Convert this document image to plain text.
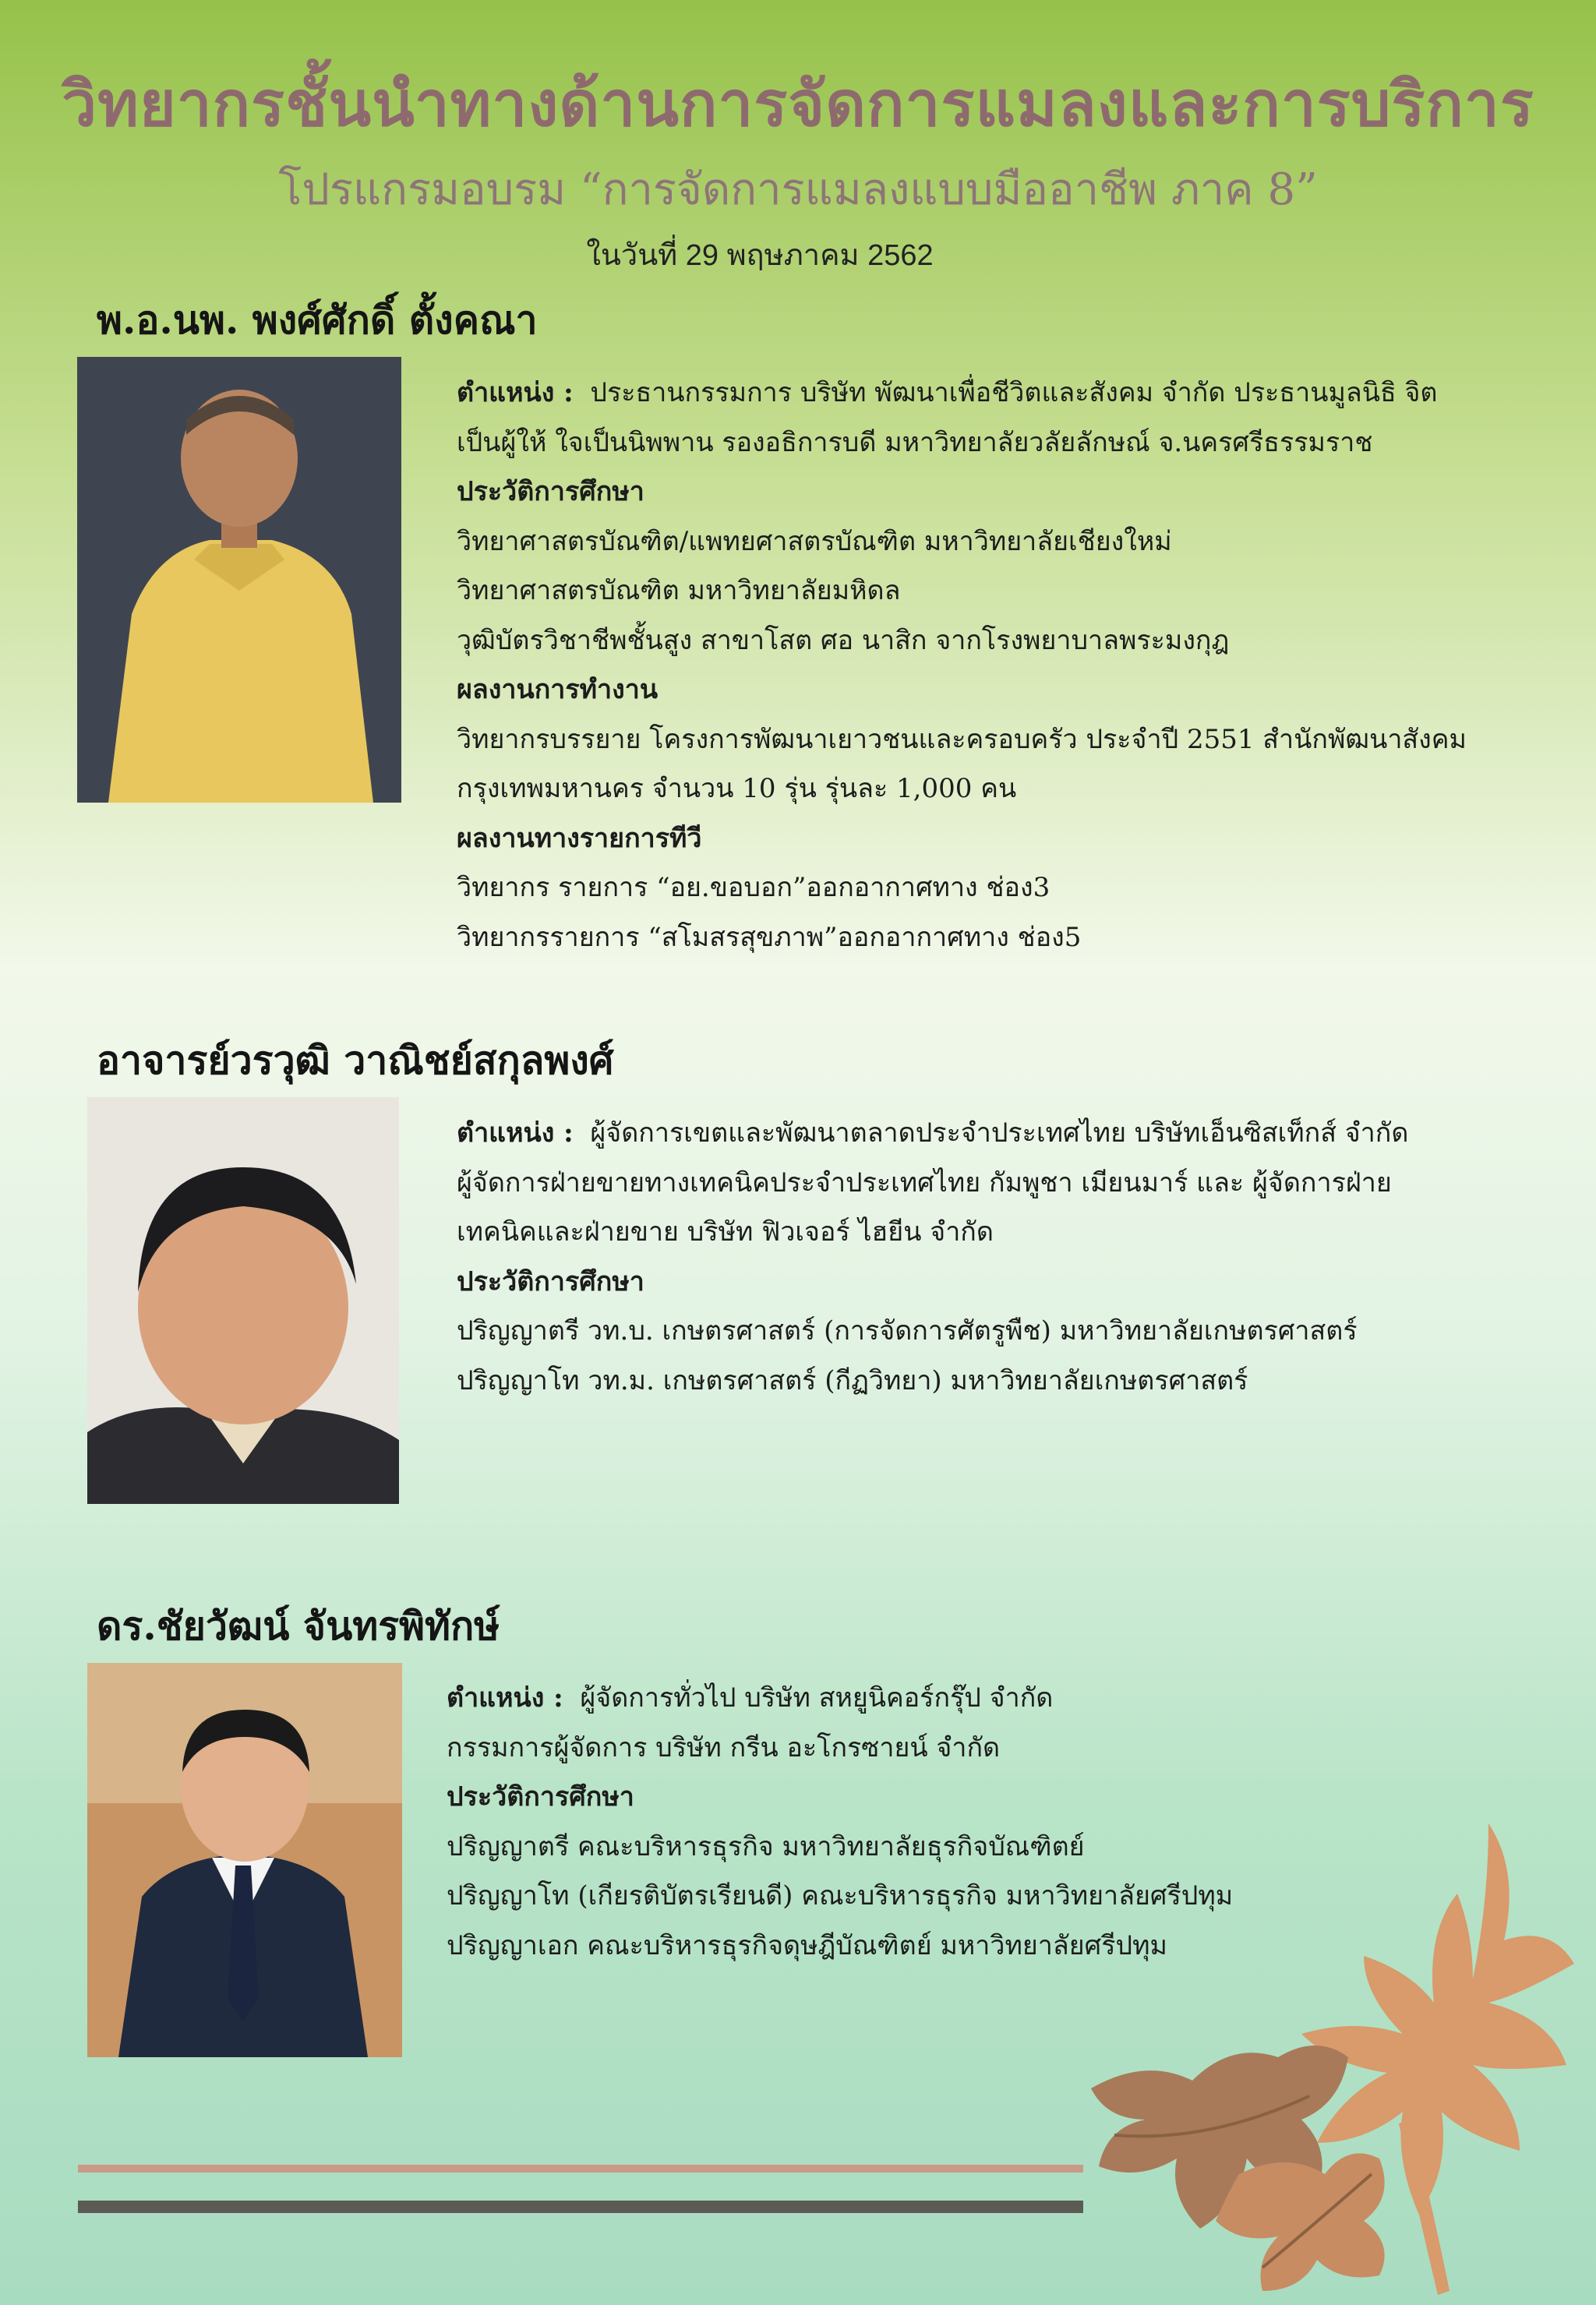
วิทยากรชั้นนำทางด้านการจัดการแมลงและการบริการ
โปรแกรมอบรม “การจัดการแมลงแบบมืออาชีพ ภาค 8”
ในวันที่ 29 พฤษภาคม 2562
พ.อ.นพ. พงศ์ศักดิ์ ตั้งคณา
ตำแหน่ง : ประธานกรรมการ บริษัท พัฒนาเพื่อชีวิตและสังคม จำกัด ประธานมูลนิธิ จิต
เป็นผู้ให้ ใจเป็นนิพพาน รองอธิการบดี มหาวิทยาลัยวลัยลักษณ์ จ.นครศรีธรรมราช
ประวัติการศึกษา
วิทยาศาสตรบัณฑิต/แพทยศาสตรบัณฑิต มหาวิทยาลัยเชียงใหม่
วิทยาศาสตรบัณฑิต มหาวิทยาลัยมหิดล
วุฒิบัตรวิชาชีพชั้นสูง สาขาโสต ศอ นาสิก จากโรงพยาบาลพระมงกุฎ
ผลงานการทำงาน
วิทยากรบรรยาย โครงการพัฒนาเยาวชนและครอบครัว ประจำปี 2551 สำนักพัฒนาสังคม
กรุงเทพมหานคร จำนวน 10 รุ่น รุ่นละ 1,000 คน
ผลงานทางรายการทีวี
วิทยากร รายการ “อย.ขอบอก”ออกอากาศทาง ช่อง3
วิทยากรรายการ “สโมสรสุขภาพ”ออกอากาศทาง ช่อง5
อาจารย์วรวุฒิ วาณิชย์สกุลพงศ์
ตำแหน่ง : ผู้จัดการเขตและพัฒนาตลาดประจำประเทศไทย บริษัทเอ็นซิสเท็กส์ จำกัด
ผู้จัดการฝ่ายขายทางเทคนิคประจำประเทศไทย กัมพูชา เมียนมาร์ และ ผู้จัดการฝ่าย
เทคนิคและฝ่ายขาย บริษัท ฟิวเจอร์ ไฮยีน จำกัด
ประวัติการศึกษา
ปริญญาตรี วท.บ. เกษตรศาสตร์ (การจัดการศัตรูพืช) มหาวิทยาลัยเกษตรศาสตร์
ปริญญาโท วท.ม. เกษตรศาสตร์ (กีฏวิทยา) มหาวิทยาลัยเกษตรศาสตร์
ดร.ชัยวัฒน์ จันทรพิทักษ์
ตำแหน่ง : ผู้จัดการทั่วไป บริษัท สหยูนิคอร์กรุ๊ป จำกัด
กรรมการผู้จัดการ บริษัท กรีน อะโกรซายน์ จำกัด
ประวัติการศึกษา
ปริญญาตรี คณะบริหารธุรกิจ มหาวิทยาลัยธุรกิจบัณฑิตย์
ปริญญาโท (เกียรติบัตรเรียนดี) คณะบริหารธุรกิจ มหาวิทยาลัยศรีปทุม
ปริญญาเอก คณะบริหารธุรกิจดุษฎีบัณฑิตย์ มหาวิทยาลัยศรีปทุม
